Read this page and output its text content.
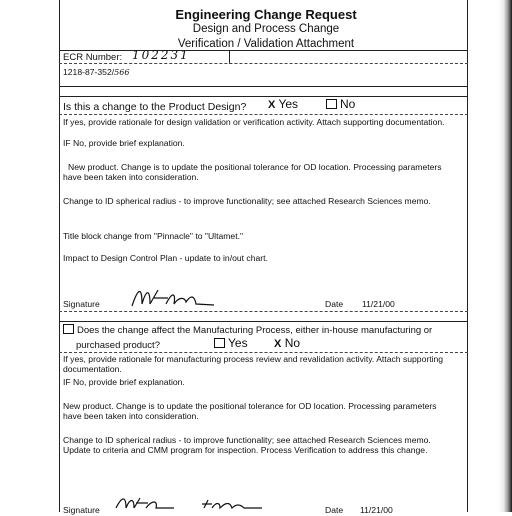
Engineering Change Request
Design and Process Change
Verification / Validation Attachment
ECR Number: 102231
1218-87-352/566
Is this a change to the Product Design? X Yes	No
If yes, provide rationale for design validation or verification activity. Attach supporting documentation.
IF No, provide brief explanation.
New product. Change is to update the positional tolerance for OD location. Processing parameters have been taken into consideration.
Change to ID spherical radius - to improve functionality; see attached Research Sciences memo.
Title block change from "Pinnacle" to "Ultamet."
Impact to Design Control Plan - update to in/out chart.
Signature	Date 11/21/00
Does the change affect the Manufacturing Process, either in-house manufacturing or
purchased product?	Yes X No
If yes, provide rationale for manufacturing process review and revalidation activity. Attach supporting documentation.
IF No, provide brief explanation.
New product. Change is to update the positional tolerance for OD location. Processing parameters have been taken into consideration.
Change to ID spherical radius - to improve functionality; see attached Research Sciences memo. Update to criteria and CMM program for inspection. Process Verification to address this change.
Signature	Date 11/21/00
